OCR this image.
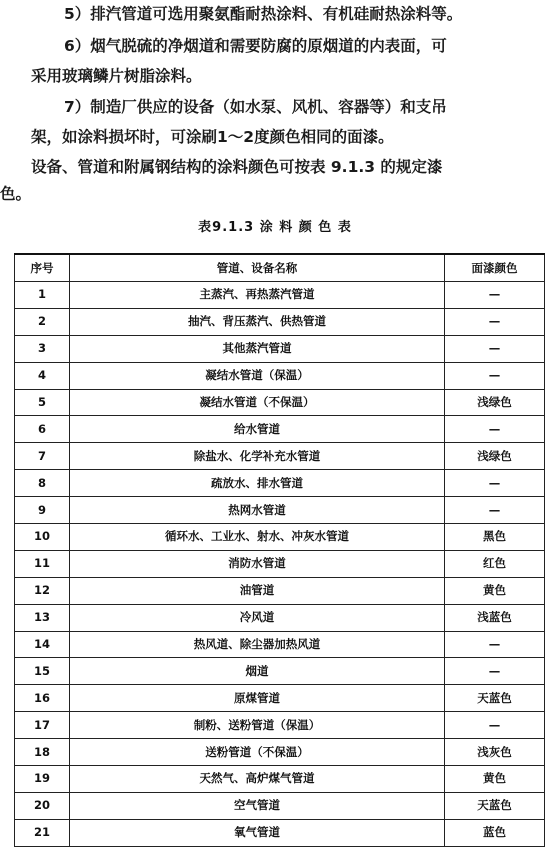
5）排汽管道可选用聚氨酯耐热涂料、有机硅耐热涂料等。
6）烟气脱硫的净烟道和需要防腐的原烟道的内表面，可
采用玻璃鳞片树脂涂料。
7）制造厂供应的设备（如水泵、风机、容器等）和支吊
架，如涂料损坏时，可涂刷1～2度颜色相同的面漆。
设备、管道和附属钢结构的涂料颜色可按表 9.1.3 的规定漆
色。
表9.1.3 涂 料 颜 色 表
序号	管道、设备名称	面漆颜色
1	主蒸汽、再热蒸汽管道	—
2	抽汽、背压蒸汽、供热管道	—
3	其他蒸汽管道	—
4	凝结水管道（保温）	—
5	凝结水管道（不保温）	浅绿色
6	给水管道	—
7	除盐水、化学补充水管道	浅绿色
8	疏放水、排水管道	—
9	热网水管道	—
10	循环水、工业水、射水、冲灰水管道	黑色
11	消防水管道	红色
12	油管道	黄色
13	冷风道	浅蓝色
14	热风道、除尘器加热风道	—
15	烟道	—
16	原煤管道	天蓝色
17	制粉、送粉管道（保温）	—
18	送粉管道（不保温）	浅灰色
19	天然气、高炉煤气管道	黄色
20	空气管道	天蓝色
21	氧气管道	蓝色
